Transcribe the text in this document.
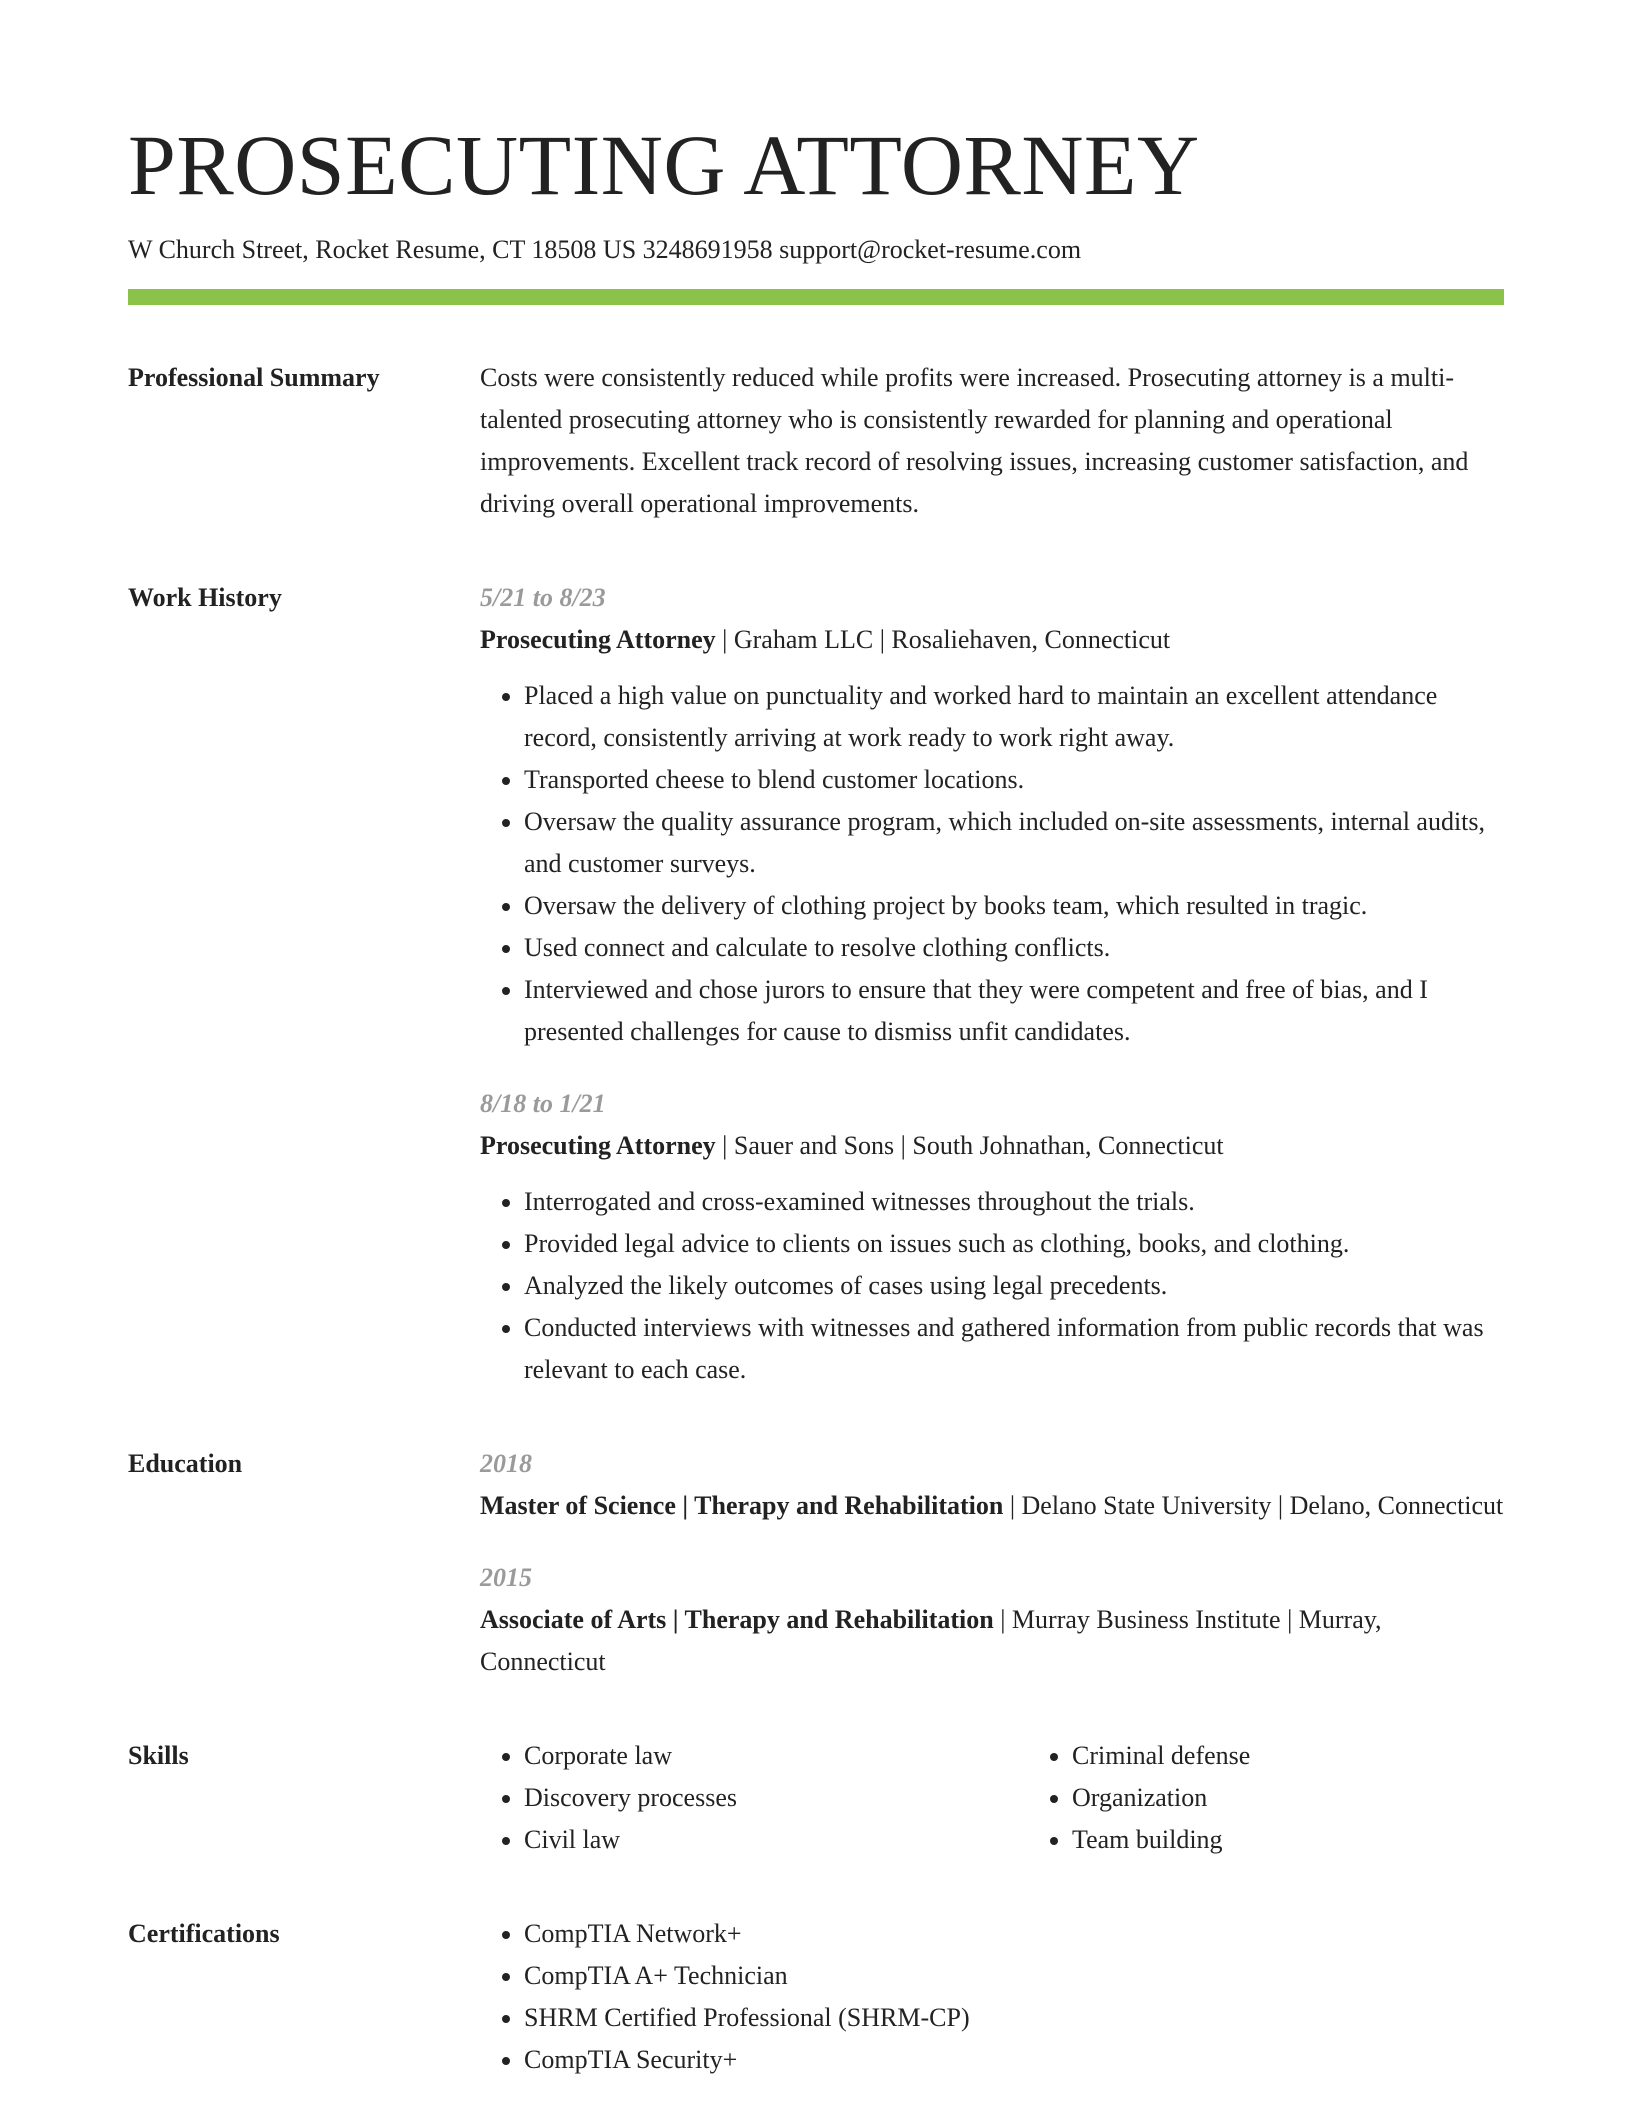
PROSECUTING ATTORNEY
W Church Street, Rocket Resume, CT 18508 US 3248691958 support@rocket-resume.com
Professional Summary	Costs were consistently reduced while profits were increased. Prosecuting attorney is a multi-talented prosecuting attorney who is consistently rewarded for planning and operational improvements. Excellent track record of resolving issues, increasing customer satisfaction, and driving overall operational improvements.

Work History	5/21 to 8/23
Prosecuting Attorney | Graham LLC | Rosaliehaven, Connecticut
• Placed a high value on punctuality and worked hard to maintain an excellent attendance record, consistently arriving at work ready to work right away.
• Transported cheese to blend customer locations.
• Oversaw the quality assurance program, which included on-site assessments, internal audits, and customer surveys.
• Oversaw the delivery of clothing project by books team, which resulted in tragic.
• Used connect and calculate to resolve clothing conflicts.
• Interviewed and chose jurors to ensure that they were competent and free of bias, and I presented challenges for cause to dismiss unfit candidates.
8/18 to 1/21
Prosecuting Attorney | Sauer and Sons | South Johnathan, Connecticut
• Interrogated and cross-examined witnesses throughout the trials.
• Provided legal advice to clients on issues such as clothing, books, and clothing.
• Analyzed the likely outcomes of cases using legal precedents.
• Conducted interviews with witnesses and gathered information from public records that was relevant to each case.
Education	2018
Master of Science | Therapy and Rehabilitation | Delano State University | Delano, Connecticut
2015
Associate of Arts | Therapy and Rehabilitation | Murray Business Institute | Murray, Connecticut
Skills	• Corporate law
• Discovery processes
• Civil law
• Criminal defense
• Organization
• Team building
Certifications	• CompTIA Network+
• CompTIA A+ Technician
• SHRM Certified Professional (SHRM-CP)
• CompTIA Security+
